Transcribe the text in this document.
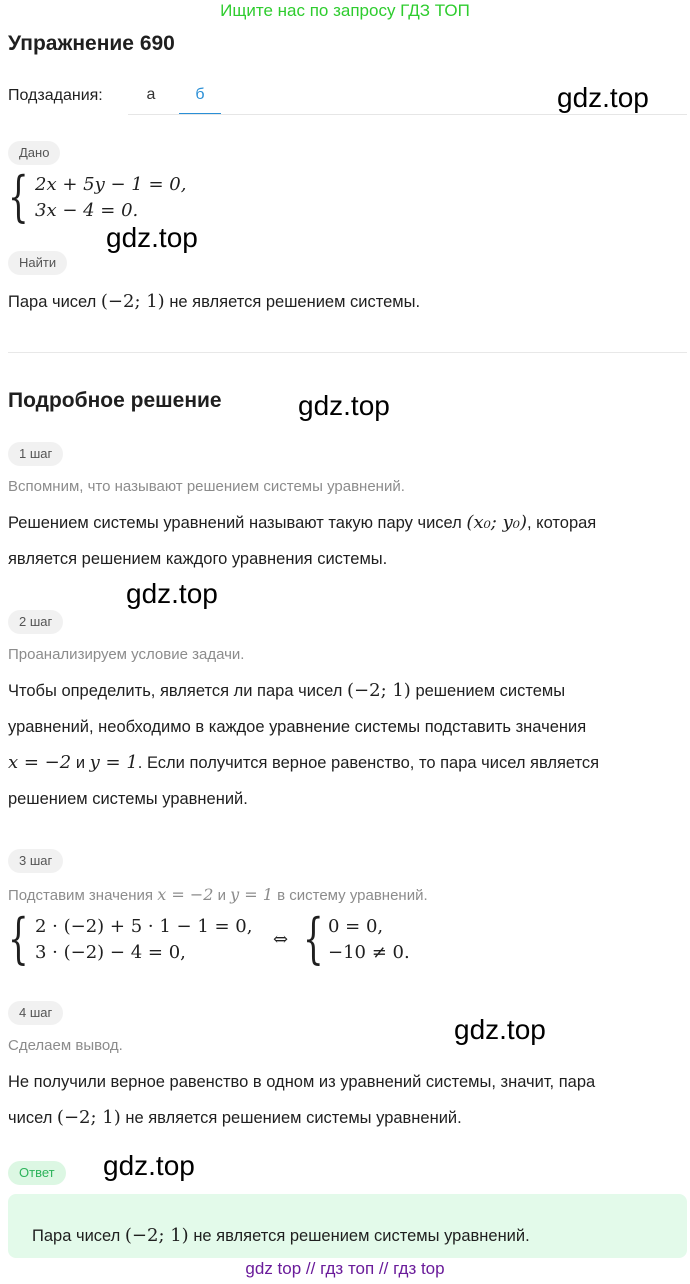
Ищите нас по запросу ГДЗ ТОП
Упражнение 690
Подзадания:	а	б	gdz.top
gdz.top
gdz.top
gdz.top
gdz.top
gdz.top
Дано
{ 2x + 5y − 1 = 0,
3x − 4 = 0.
Найти
Пара чисел (−2; 1) не является решением системы.
Подробное решение
1 шаг
Вспомним, что называют решением системы уравнений.
Решением системы уравнений называют такую пару чисел (x₀; y₀), которая
является решением каждого уравнения системы.
2 шаг
Проанализируем условие задачи.
Чтобы определить, является ли пара чисел (−2; 1) решением системы
уравнений, необходимо в каждое уравнение системы подставить значения
x = −2 и y = 1. Если получится верное равенство, то пара чисел является
решением системы уравнений.
3 шаг
Подставим значения x = −2 и y = 1 в систему уравнений.
{ 2 · (−2) + 5 · 1 − 1 = 0,
3 · (−2) − 4 = 0,
⇔ { 0 = 0,
−10 ≠ 0.
4 шаг
Сделаем вывод.
Не получили верное равенство в одном из уравнений системы, значит, пара
чисел (−2; 1) не является решением системы уравнений.
Ответ
Пара чисел (−2; 1) не является решением системы уравнений.
gdz top // гдз топ // гдз top
